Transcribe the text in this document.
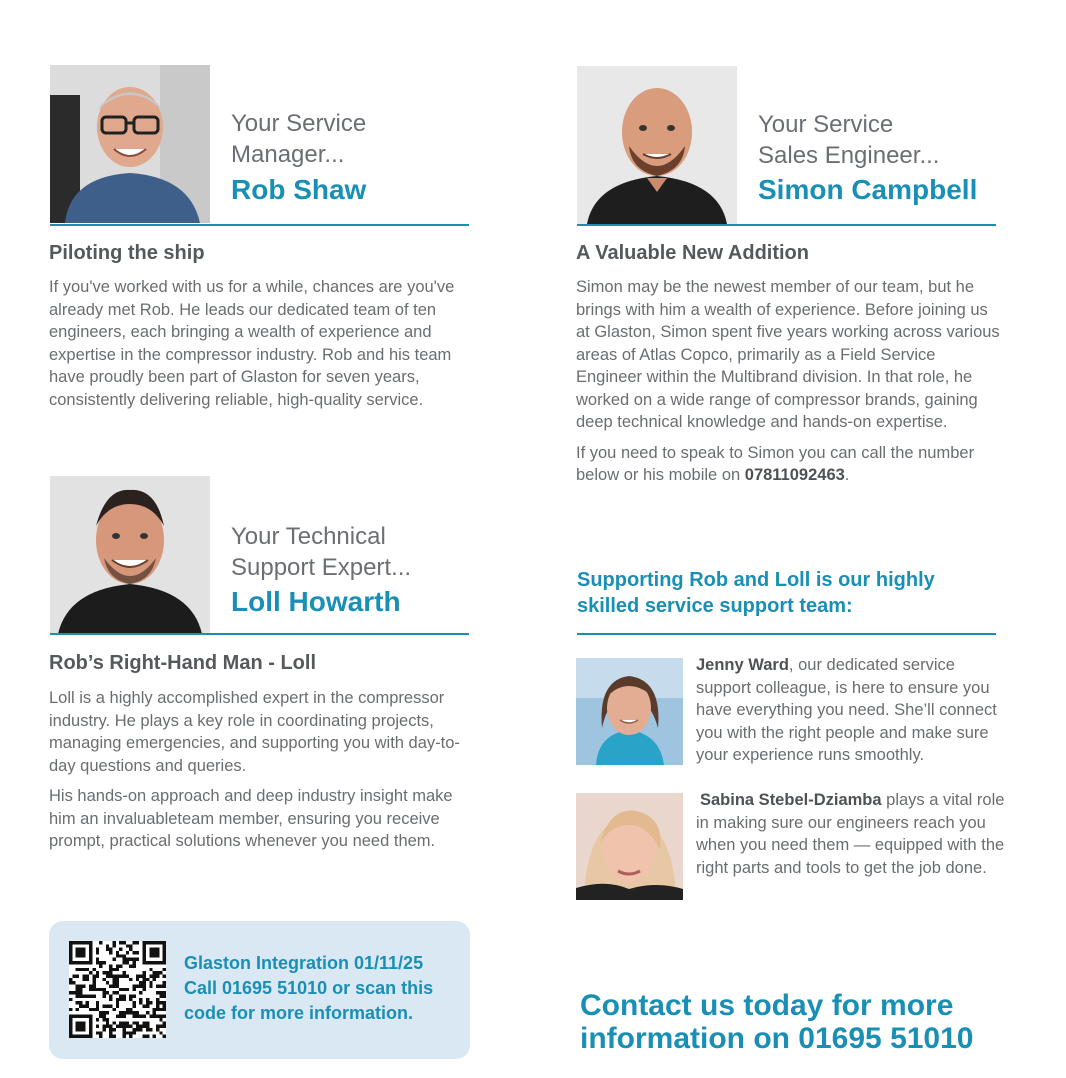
Your Service
Manager...
Rob Shaw
Piloting the ship

If you've worked with us for a while, chances are you've already met Rob. He leads our dedicated team of ten engineers, each bringing a wealth of experience and expertise in the compressor industry. Rob and his team have proudly been part of Glaston for seven years, consistently delivering reliable, high-quality service.

Your Service
Sales Engineer...
Simon Campbell
A Valuable New Addition

Simon may be the newest member of our team, but he brings with him a wealth of experience. Before joining us at Glaston, Simon spent five years working across various areas of Atlas Copco, primarily as a Field Service Engineer within the Multibrand division. In that role, he worked on a wide range of compressor brands, gaining deep technical knowledge and hands-on expertise.

If you need to speak to Simon you can call the number below or his mobile on 07811092463.

Your Technical
Support Expert...
Loll Howarth
Rob’s Right-Hand Man - Loll

Loll is a highly accomplished expert in the compressor industry. He plays a key role in coordinating projects, managing emergencies, and supporting you with day-to-day questions and queries.

His hands-on approach and deep industry insight make him an invaluableteam member, ensuring you receive prompt, practical solutions whenever you need them.

Supporting Rob and Loll is our highly skilled service support team:
Jenny Ward, our dedicated service support colleague, is here to ensure you have everything you need. She’ll connect you with the right people and make sure your experience runs smoothly.
Sabina Stebel-Dziamba plays a vital role in making sure our engineers reach you when you need them — equipped with the right parts and tools to get the job done.
Glaston Integration 01/11/25
Call 01695 51010 or scan this
code for more information.	Contact us today for more
information on 01695 51010
